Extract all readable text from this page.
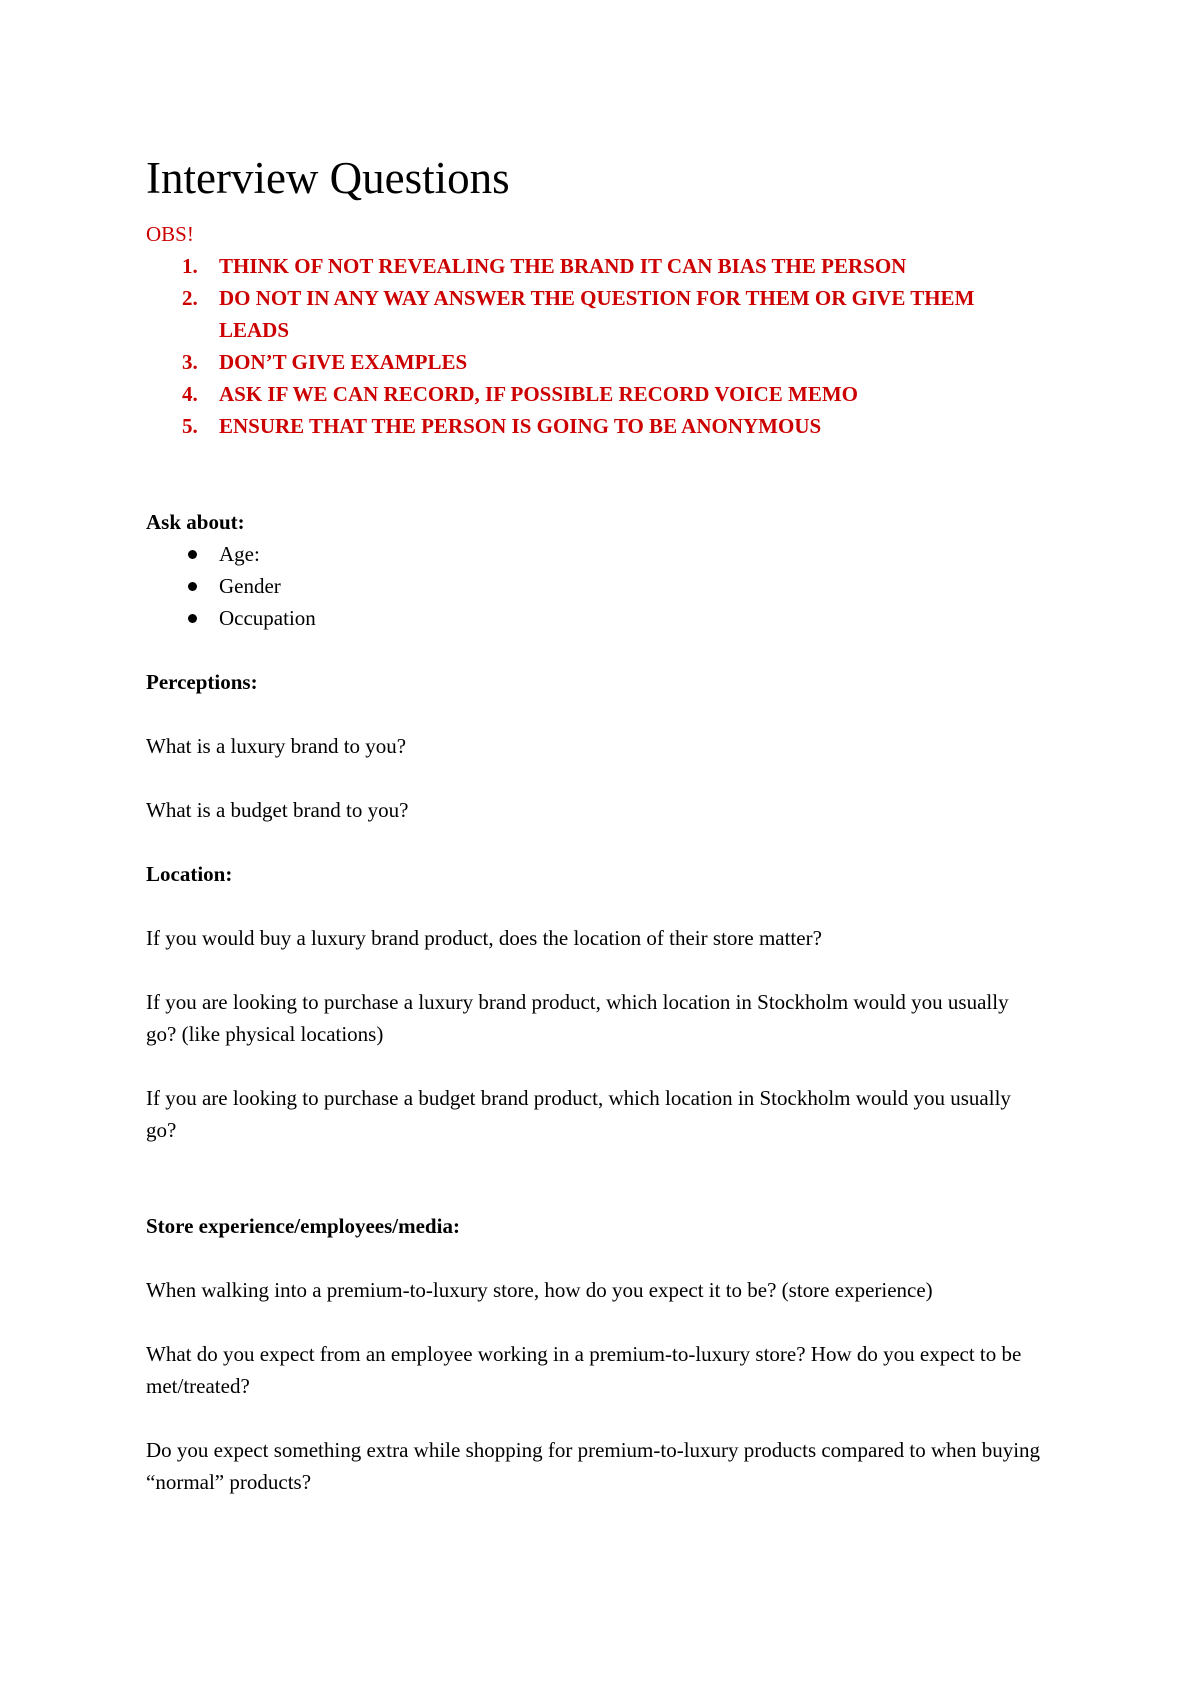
Interview Questions
OBS!
1. THINK OF NOT REVEALING THE BRAND IT CAN BIAS THE PERSON
2. DO NOT IN ANY WAY ANSWER THE QUESTION FOR THEM OR GIVE THEM LEADS
3. DON’T GIVE EXAMPLES
4. ASK IF WE CAN RECORD, IF POSSIBLE RECORD VOICE MEMO
5. ENSURE THAT THE PERSON IS GOING TO BE ANONYMOUS

Ask about:

Age:
Gender
Occupation

Perceptions:

What is a luxury brand to you?

What is a budget brand to you?

Location:

If you would buy a luxury brand product, does the location of their store matter?

If you are looking to purchase a luxury brand product, which location in Stockholm would you usually go? (like physical locations)

If you are looking to purchase a budget brand product, which location in Stockholm would you usually go?

Store experience/employees/media:

When walking into a premium-to-luxury store, how do you expect it to be? (store experience)

What do you expect from an employee working in a premium-to-luxury store? How do you expect to be met/treated?

Do you expect something extra while shopping for premium-to-luxury products compared to when buying “normal” products?
